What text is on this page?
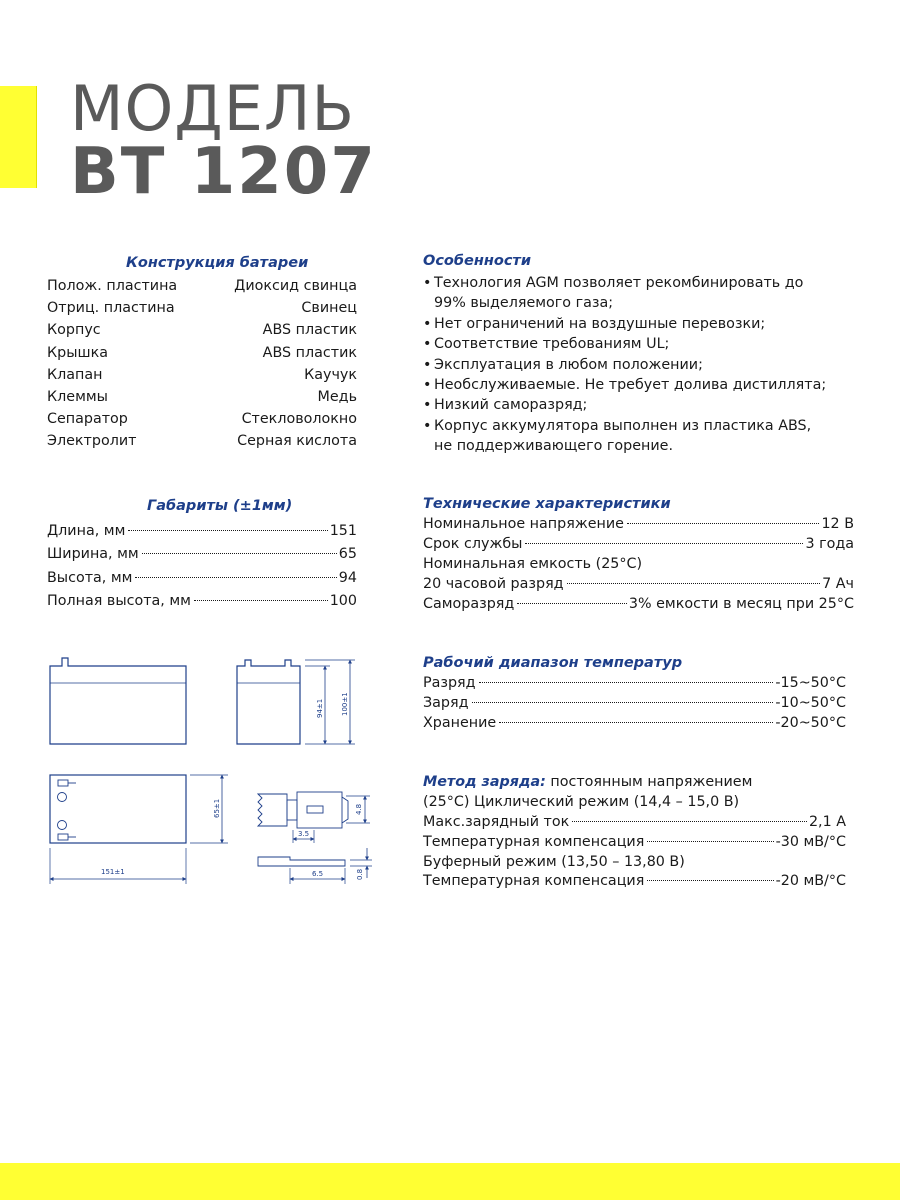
МОДЕЛЬ
BT 1207
Конструкция батареи
Полож. пластина	Диоксид свинца
Отриц. пластина	Свинец
Корпус	ABS пластик
Крышка	ABS пластик
Клапан	Каучук
Клеммы	Медь
Сепаратор	Стекловолокно
Электролит	Серная кислота
Габариты (±1мм)
Длина, мм	151
Ширина, мм	65
Высота, мм	94
Полная высота, мм	100
Особенности
• Технология AGM позволяет рекомбинировать до 99% выделяемого газа;
• Нет ограничений на воздушные перевозки;
• Соответствие требованиям UL;
• Эксплуатация в любом положении;
• Необслуживаемые. Не требует долива дистиллята;
• Низкий саморазряд;
• Корпус аккумулятора выполнен из пластика ABS, не поддерживающего горение.
Технические характеристики
Номинальное напряжение	12 В
Срок службы	3 года
Номинальная емкость (25°С)
20 часовой разряд	7 Ач
Саморазряд	3% емкости в месяц при 25°С
Рабочий диапазон температур
Разряд	-15~50°С
Заряд	-10~50°С
Хранение	-20~50°С
Метод заряда: постоянным напряжением
(25°С) Циклический режим (14,4 – 15,0 В)
Макс.зарядный ток	2,1 А
Температурная компенсация	-30 мВ/°С
Буферный режим (13,50 – 13,80 В)
Температурная компенсация	-20 мВ/°С
94±1 100±1
65±1
151±1
4.8
3.5
6.5	0.8
